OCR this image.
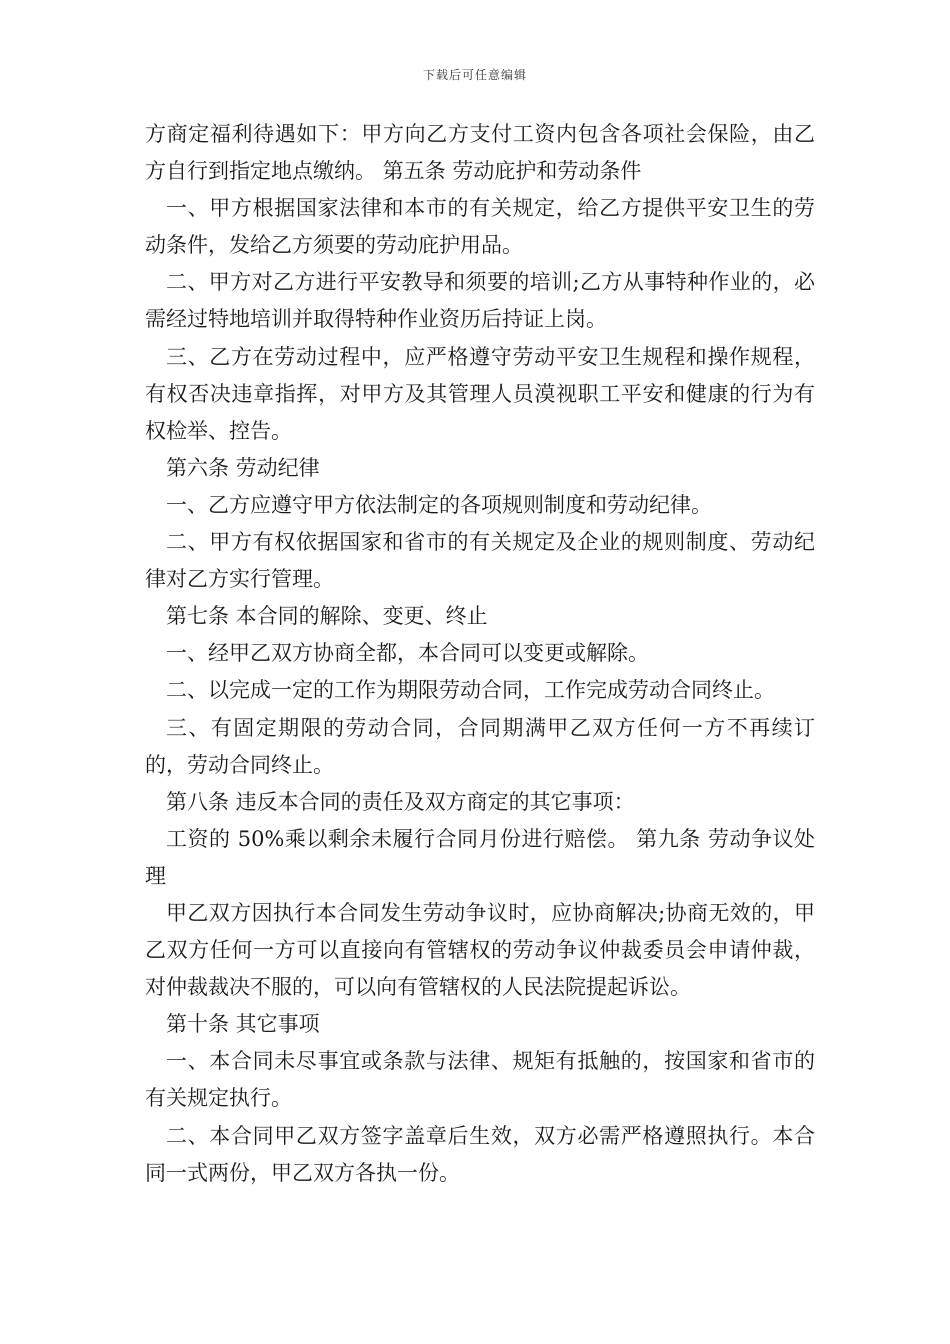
下载后可任意编辑

方商定福利待遇如下：甲方向乙方支付工资内包含各项社会保险，由乙方自行到指定地点缴纳。 第五条 劳动庇护和劳动条件

一、甲方根据国家法律和本市的有关规定，给乙方提供平安卫生的劳动条件，发给乙方须要的劳动庇护用品。

二、甲方对乙方进行平安教导和须要的培训;乙方从事特种作业的，必需经过特地培训并取得特种作业资历后持证上岗。

三、乙方在劳动过程中，应严格遵守劳动平安卫生规程和操作规程，有权否决违章指挥，对甲方及其管理人员漠视职工平安和健康的行为有权检举、控告。

第六条 劳动纪律

一、乙方应遵守甲方依法制定的各项规则制度和劳动纪律。

二、甲方有权依据国家和省市的有关规定及企业的规则制度、劳动纪律对乙方实行管理。

第七条 本合同的解除、变更、终止

一、经甲乙双方协商全都，本合同可以变更或解除。

二、以完成一定的工作为期限劳动合同，工作完成劳动合同终止。

三、有固定期限的劳动合同，合同期满甲乙双方任何一方不再续订的，劳动合同终止。

第八条 违反本合同的责任及双方商定的其它事项：

工资的 50%乘以剩余未履行合同月份进行赔偿。 第九条 劳动争议处理

甲乙双方因执行本合同发生劳动争议时，应协商解决;协商无效的，甲乙双方任何一方可以直接向有管辖权的劳动争议仲裁委员会申请仲裁，对仲裁裁决不服的，可以向有管辖权的人民法院提起诉讼。

第十条 其它事项

一、本合同未尽事宜或条款与法律、规矩有抵触的，按国家和省市的有关规定执行。

二、本合同甲乙双方签字盖章后生效，双方必需严格遵照执行。本合同一式两份，甲乙双方各执一份。
